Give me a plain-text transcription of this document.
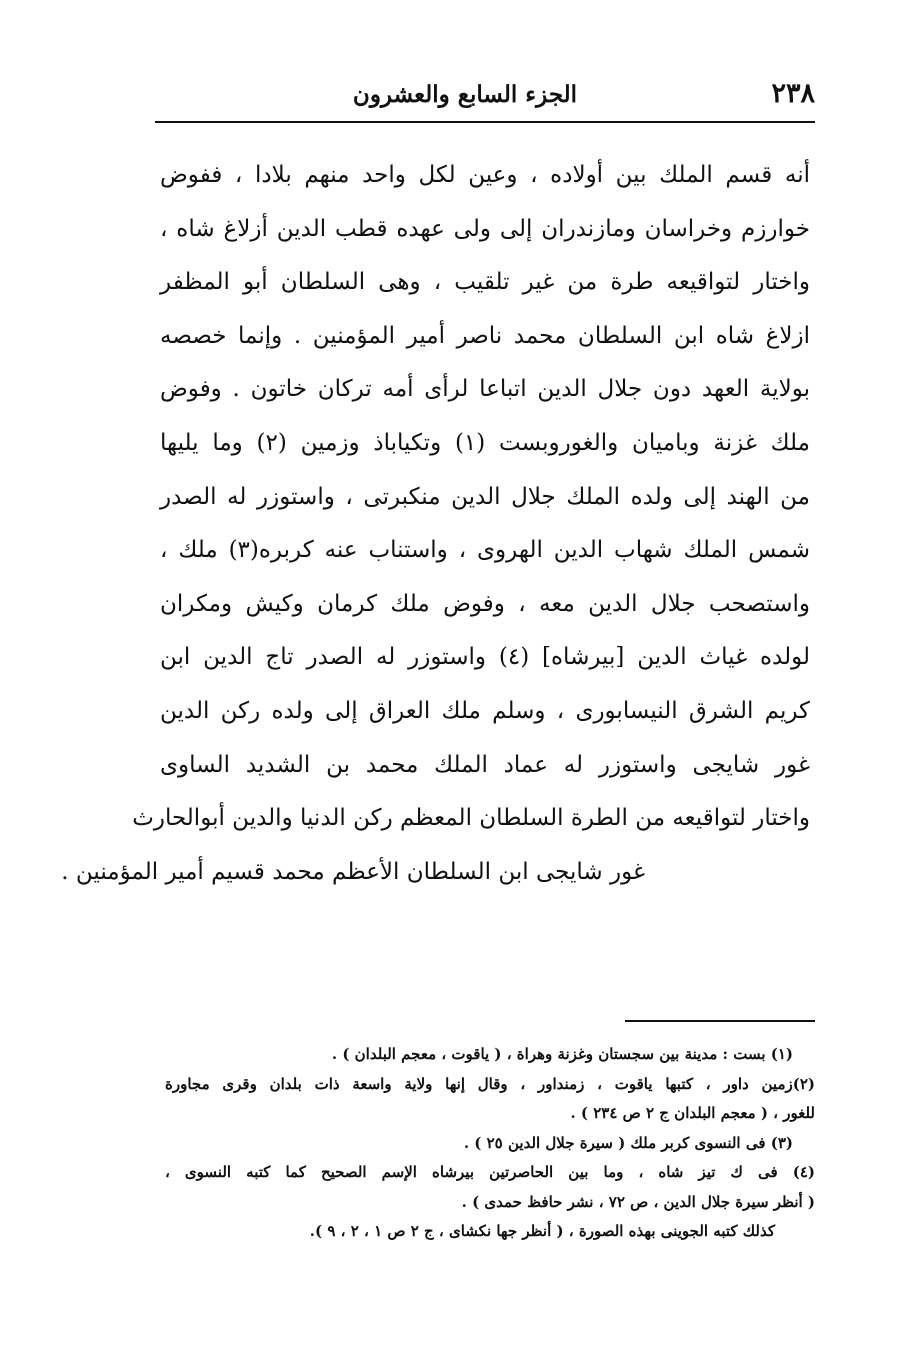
٢٣٨
الجزء السابع والعشرون
أنه قسم الملك بين أولاده ، وعين لكل واحد منهم بلادا ، ففوض
خوارزم وخراسان ومازندران إلى ولى عهده قطب الدين أزلاغ شاه ،
واختار لتواقيعه طرة من غير تلقيب ، وهى السلطان أبو المظفر
ازلاغ شاه ابن السلطان محمد ناصر أمير المؤمنين . وإنما خصصه
بولاية العهد دون جلال الدين اتباعا لرأى أمه تركان خاتون . وفوض
ملك غزنة وباميان والغوروبست (١) وتكياباذ وزمين (٢) وما يليها
من الهند إلى ولده الملك جلال الدين منكبرتى ، واستوزر له الصدر
شمس الملك شهاب الدين الهروى ، واستناب عنه كربره(٣) ملك ،
واستصحب جلال الدين معه ، وفوض ملك كرمان وكيش ومكران
لولده غياث الدين [بيرشاه] (٤) واستوزر له الصدر تاج الدين ابن
كريم الشرق النيسابورى ، وسلم ملك العراق إلى ولده ركن الدين
غور شايجى واستوزر له عماد الملك محمد بن الشديد الساوى
واختار لتواقيعه من الطرة السلطان المعظم ركن الدنيا والدين أبوالحارث
غور شايجى ابن السلطان الأعظم محمد قسيم أمير المؤمنين .
(١) بست : مدينة بين سجستان وغزنة وهراة ، ( ياقوت ، معجم البلدان ) .
(٢)زمين داور ، كتبها ياقوت ، زمنداور ، وقال إنها ولاية واسعة ذات بلدان وقرى مجاورة
للغور ، ( معجم البلدان ج ٢ ص ٢٣٤ ) .
(٣) فى النسوى كربر ملك ( سيرة جلال الدين ٢٥ ) .
(٤) فى ك تيز شاه ، وما بين الحاصرتين بيرشاه الإسم الصحيح كما كتبه النسوى ،
( أنظر سيرة جلال الدين ، ص ٧٢ ، نشر حافظ حمدى ) .
كذلك كتبه الجوينى بهذه الصورة ، ( أنظر جها نكشاى ، ج ٢ ص ١ ، ٢ ، ٩ ).
